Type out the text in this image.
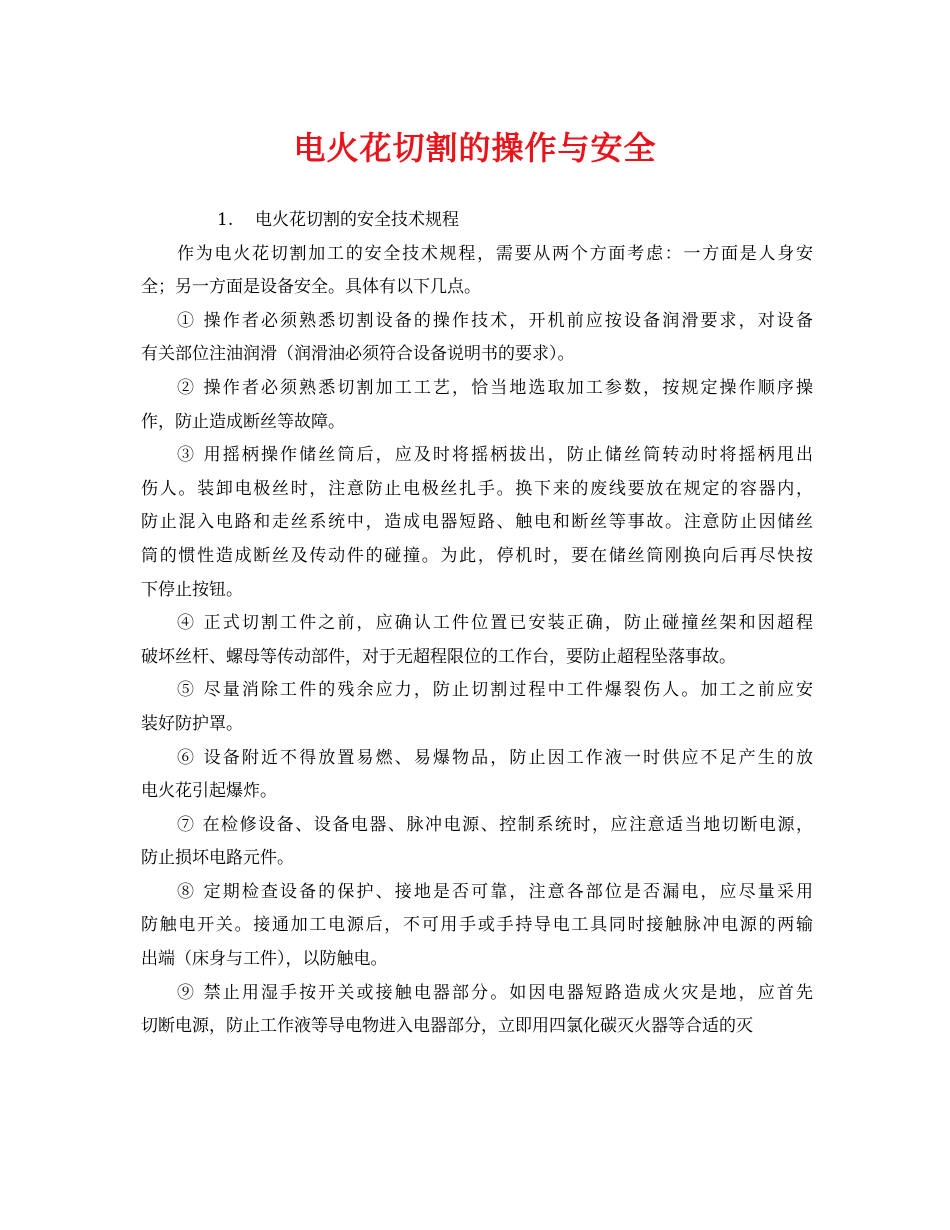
电火花切割的操作与安全

1. 电火花切割的安全技术规程

作为电火花切割加工的安全技术规程，需要从两个方面考虑：一方面是人身安
全；另一方面是设备安全。具体有以下几点。

① 操作者必须熟悉切割设备的操作技术，开机前应按设备润滑要求，对设备
有关部位注油润滑（润滑油必须符合设备说明书的要求）。

② 操作者必须熟悉切割加工工艺，恰当地选取加工参数，按规定操作顺序操
作，防止造成断丝等故障。

③ 用摇柄操作储丝筒后，应及时将摇柄拔出，防止储丝筒转动时将摇柄甩出
伤人。装卸电极丝时，注意防止电极丝扎手。换下来的废线要放在规定的容器内，
防止混入电路和走丝系统中，造成电器短路、触电和断丝等事故。注意防止因储丝
筒的惯性造成断丝及传动件的碰撞。为此，停机时，要在储丝筒刚换向后再尽快按
下停止按钮。

④ 正式切割工件之前，应确认工件位置已安装正确，防止碰撞丝架和因超程
破坏丝杆、螺母等传动部件，对于无超程限位的工作台，要防止超程坠落事故。

⑤ 尽量消除工件的残余应力，防止切割过程中工件爆裂伤人。加工之前应安
装好防护罩。

⑥ 设备附近不得放置易燃、易爆物品，防止因工作液一时供应不足产生的放
电火花引起爆炸。

⑦ 在检修设备、设备电器、脉冲电源、控制系统时，应注意适当地切断电源，
防止损坏电路元件。

⑧ 定期检查设备的保护、接地是否可靠，注意各部位是否漏电，应尽量采用
防触电开关。接通加工电源后，不可用手或手持导电工具同时接触脉冲电源的两输
出端（床身与工件），以防触电。

⑨ 禁止用湿手按开关或接触电器部分。如因电器短路造成火灾是地，应首先
切断电源，防止工作液等导电物进入电器部分，立即用四氯化碳灭火器等合适的灭
